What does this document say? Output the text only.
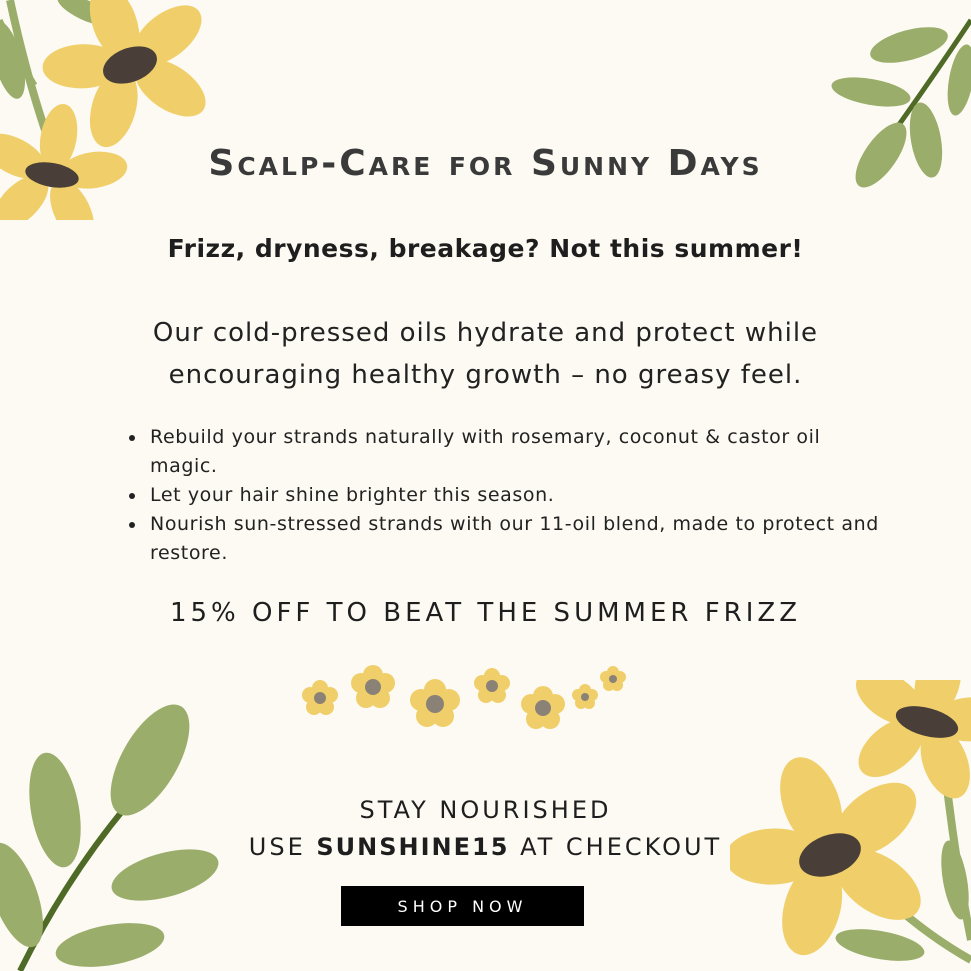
Scalp-Care for Sunny Days
Frizz, dryness, breakage? Not this summer!
Our cold-pressed oils hydrate and protect while
encouraging healthy growth – no greasy feel.
Rebuild your strands naturally with rosemary, coconut & castor oil magic.
Let your hair shine brighter this season.
Nourish sun-stressed strands with our 11-oil blend, made to protect and restore.
15% OFF TO BEAT THE SUMMER FRIZZ
STAY NOURISHED
USE SUNSHINE15 AT CHECKOUT
SHOP NOW
